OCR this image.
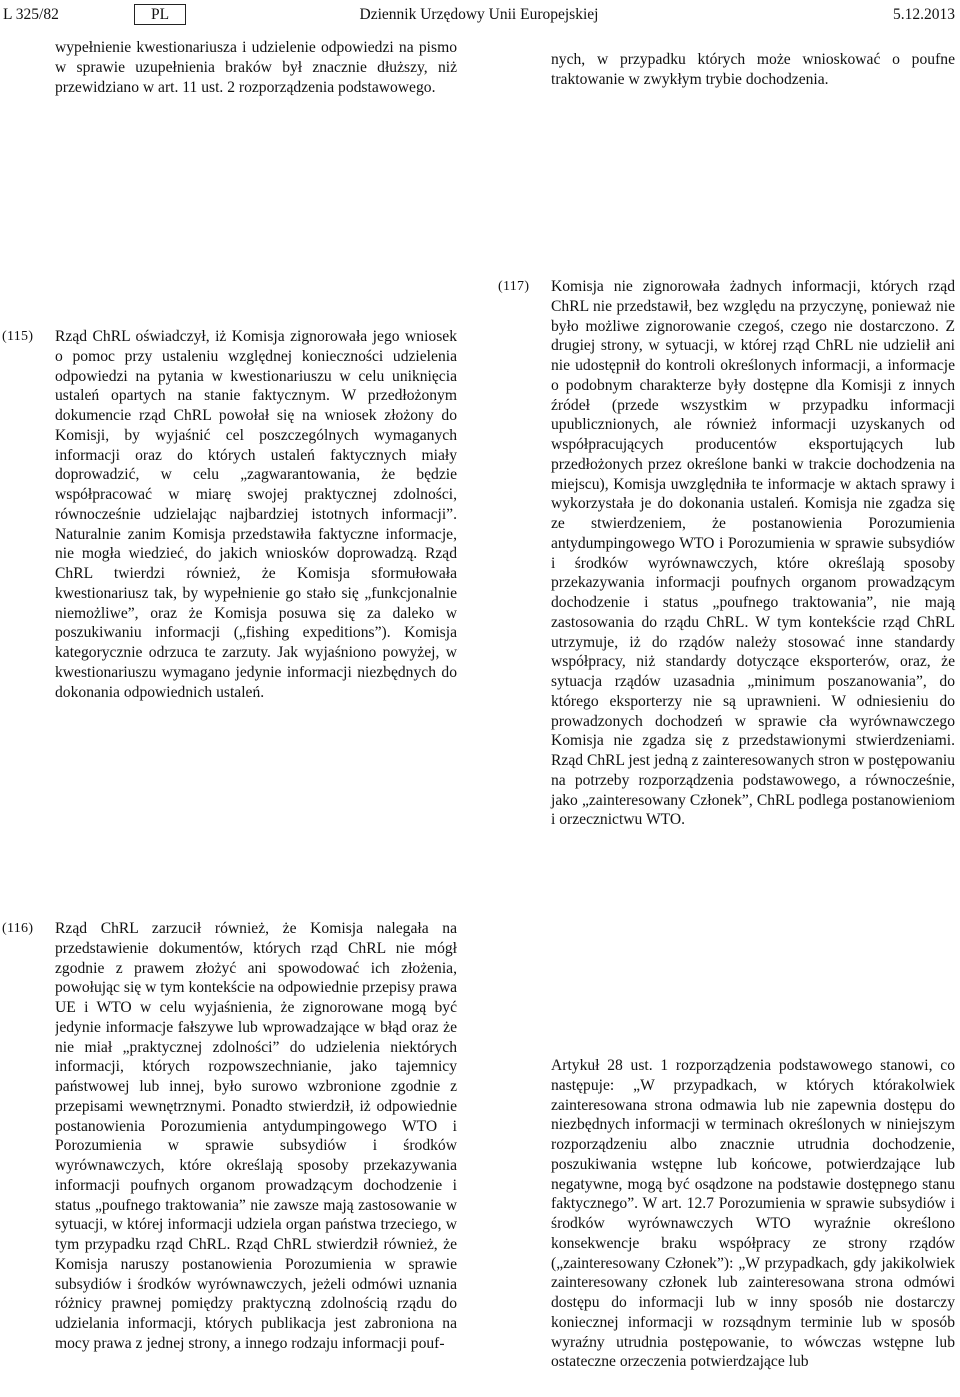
L 325/82	PL	Dziennik Urzędowy Unii Europejskiej	5.12.2013

wypełnienie kwestionariusza i udzielenie odpowiedzi na pismo w sprawie uzupełnienia braków był znacznie dłuższy, niż przewidziano w art. 11 ust. 2 rozporządzenia podstawowego.

nych, w przypadku których może wnioskować o poufne traktowanie w zwykłym trybie dochodzenia.

(115) Rząd ChRL oświadczył, iż Komisja zignorowała jego wniosek o pomoc przy ustaleniu względnej konieczności udzielenia odpowiedzi na pytania w kwestionariuszu w celu uniknięcia ustaleń opartych na stanie faktycznym. W przedłożonym dokumencie rząd ChRL powołał się na wniosek złożony do Komisji, by wyjaśnić cel poszczególnych wymaganych informacji oraz do których ustaleń faktycznych miały doprowadzić, w celu „zagwarantowania, że będzie współpracować w miarę swojej praktycznej zdolności, równocześnie udzielając najbardziej istotnych informacji”. Naturalnie zanim Komisja przedstawiła faktyczne informacje, nie mogła wiedzieć, do jakich wniosków doprowadzą. Rząd ChRL twierdzi również, że Komisja sformułowała kwestionariusz tak, by wypełnienie go stało się „funkcjonalnie niemożliwe”, oraz że Komisja posuwa się za daleko w poszukiwaniu informacji („fishing expeditions”). Komisja kategorycznie odrzuca te zarzuty. Jak wyjaśniono powyżej, w kwestionariuszu wymagano jedynie informacji niezbędnych do dokonania odpowiednich ustaleń.

(117) Komisja nie zignorowała żadnych informacji, których rząd ChRL nie przedstawił, bez względu na przyczynę, ponieważ nie było możliwe zignorowanie czegoś, czego nie dostarczono. Z drugiej strony, w sytuacji, w której rząd ChRL nie udzielił ani nie udostępnił do kontroli określonych informacji, a informacje o podobnym charakterze były dostępne dla Komisji z innych źródeł (przede wszystkim w przypadku informacji upublicznionych, ale również informacji uzyskanych od współpracujących producentów eksportujących lub przedłożonych przez określone banki w trakcie dochodzenia na miejscu), Komisja uwzględniła te informacje w aktach sprawy i wykorzystała je do dokonania ustaleń. Komisja nie zgadza się ze stwierdzeniem, że postanowienia Porozumienia antydumpingowego WTO i Porozumienia w sprawie subsydiów i środków wyrównawczych, które określają sposoby przekazywania informacji poufnych organom prowadzącym dochodzenie i status „poufnego traktowania”, nie mają zastosowania do rządu ChRL. W tym kontekście rząd ChRL utrzymuje, iż do rządów należy stosować inne standardy współpracy, niż standardy dotyczące eksporterów, oraz, że sytuacja rządów uzasadnia „minimum poszanowania”, do którego eksporterzy nie są uprawnieni. W odniesieniu do prowadzonych dochodzeń w sprawie cła wyrównawczego Komisja nie zgadza się z przedstawionymi stwierdzeniami. Rząd ChRL jest jedną z zainteresowanych stron w postępowaniu na potrzeby rozporządzenia podstawowego, a równocześnie, jako „zainteresowany Członek”, ChRL podlega postanowieniom i orzecznictwu WTO.

(116) Rząd ChRL zarzucił również, że Komisja nalegała na przedstawienie dokumentów, których rząd ChRL nie mógł zgodnie z prawem złożyć ani spowodować ich złożenia, powołując się w tym kontekście na odpowiednie przepisy prawa UE i WTO w celu wyjaśnienia, że zignorowane mogą być jedynie informacje fałszywe lub wprowadzające w błąd oraz że nie miał „praktycznej zdolności” do udzielenia niektórych informacji, których rozpowszechnianie, jako tajemnicy państwowej lub innej, było surowo wzbronione zgodnie z przepisami wewnętrznymi. Ponadto stwierdził, iż odpowiednie postanowienia Porozumienia antydumpingowego WTO i Porozumienia w sprawie subsydiów i środków wyrównawczych, które określają sposoby przekazywania informacji poufnych organom prowadzącym dochodzenie i status „poufnego traktowania” nie zawsze mają zastosowanie w sytuacji, w której informacji udziela organ państwa trzeciego, w tym przypadku rząd ChRL. Rząd ChRL stwierdził również, że Komisja naruszy postanowienia Porozumienia w sprawie subsydiów i środków wyrównawczych, jeżeli odmówi uznania różnicy prawnej pomiędzy praktyczną zdolnością rządu do udzielania informacji, których publikacja jest zabroniona na mocy prawa z jednej strony, a innego rodzaju informacji pouf-

Artykuł 28 ust. 1 rozporządzenia podstawowego stanowi, co następuje: „W przypadkach, w których którakolwiek zainteresowana strona odmawia lub nie zapewnia dostępu do niezbędnych informacji w terminach określonych w niniejszym rozporządzeniu albo znacznie utrudnia dochodzenie, poszukiwania wstępne lub końcowe, potwierdzające lub negatywne, mogą być osądzone na podstawie dostępnego stanu faktycznego”. W art. 12.7 Porozumienia w sprawie subsydiów i środków wyrównawczych WTO wyraźnie określono konsekwencje braku współpracy ze strony rządów („zainteresowany Członek”): „W przypadkach, gdy jakikolwiek zainteresowany członek lub zainteresowana strona odmówi dostępu do informacji lub w inny sposób nie dostarczy koniecznej informacji w rozsądnym terminie lub w sposób wyraźny utrudnia postępowanie, to wówczas wstępne lub ostateczne orzeczenia potwierdzające lub
